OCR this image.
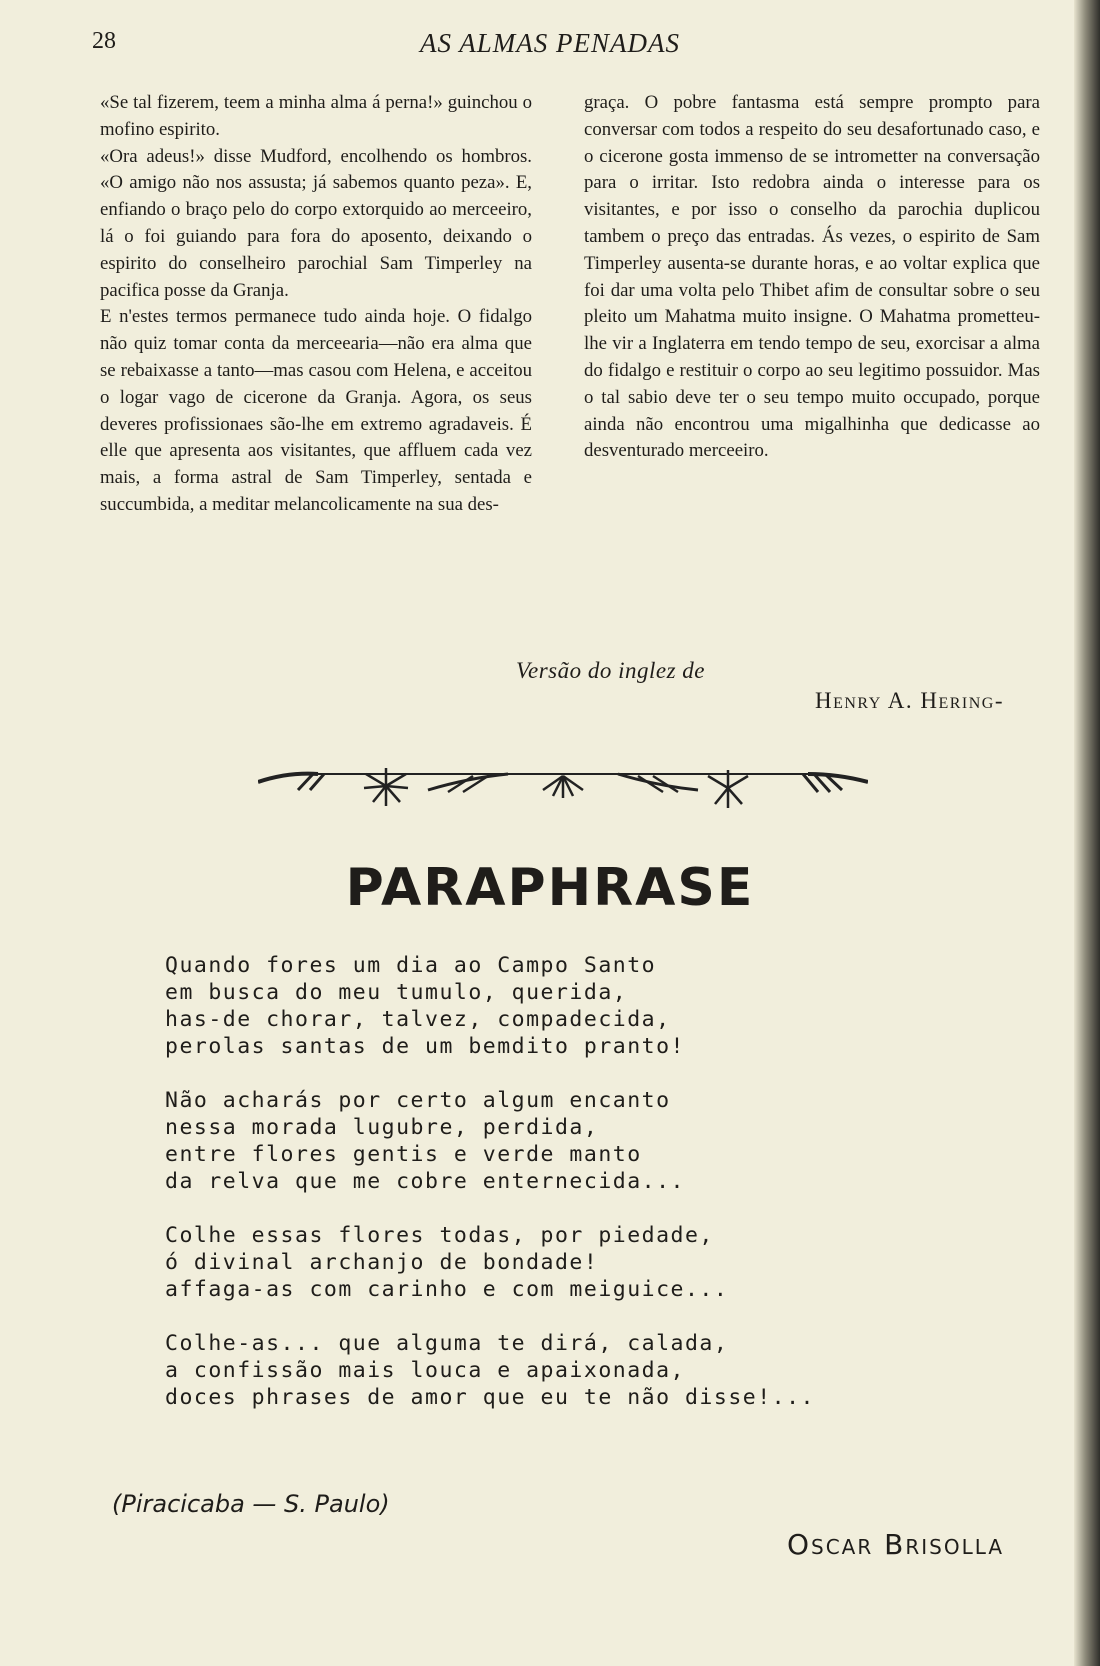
28	AS ALMAS PENADAS

«Se tal fizerem, teem a minha alma á perna!» guinchou o mofino espirito.

«Ora adeus!» disse Mudford, encolhendo os hombros. «O amigo não nos assusta; já sabemos quanto peza». E, enfiando o braço pelo do corpo extorquido ao merceeiro, lá o foi guiando para fora do aposento, deixando o espirito do conselheiro parochial Sam Timperley na pacifica posse da Granja.

E n'estes termos permanece tudo ainda hoje. O fidalgo não quiz tomar conta da merceearia—não era alma que se rebaixasse a tanto—mas casou com Helena, e acceitou o logar vago de cicerone da Granja. Agora, os seus deveres profissionaes são-lhe em extremo agradaveis. É elle que apresenta aos visitantes, que affluem cada vez mais, a forma astral de Sam Timperley, sentada e succumbida, a meditar melancolicamente na sua des-

graça. O pobre fantasma está sempre prompto para conversar com todos a respeito do seu desafortunado caso, e o cicerone gosta immenso de se intrometter na conversação para o irritar. Isto redobra ainda o interesse para os visitantes, e por isso o conselho da parochia duplicou tambem o preço das entradas. Ás vezes, o espirito de Sam Timperley ausenta-se durante horas, e ao voltar explica que foi dar uma volta pelo Thibet afim de consultar sobre o seu pleito um Mahatma muito insigne. O Mahatma prometteu-lhe vir a Inglaterra em tendo tempo de seu, exorcisar a alma do fidalgo e restituir o corpo ao seu legitimo possuidor. Mas o tal sabio deve ter o seu tempo muito occupado, porque ainda não encontrou uma migalhinha que dedicasse ao desventurado merceeiro.

Versão do inglez de
Henry A. Hering-
PARAPHRASE
Quando fores um dia ao Campo Santo
em busca do meu tumulo, querida,
has-de chorar, talvez, compadecida,
perolas santas de um bemdito pranto!
Não acharás por certo algum encanto
nessa morada lugubre, perdida,
entre flores gentis e verde manto
da relva que me cobre enternecida...
Colhe essas flores todas, por piedade,
ó divinal archanjo de bondade!
affaga-as com carinho e com meiguice...
Colhe-as... que alguma te dirá, calada,
a confissão mais louca e apaixonada,
doces phrases de amor que eu te não disse!...
(Piracicaba — S. Paulo)
Oscar Brisolla
